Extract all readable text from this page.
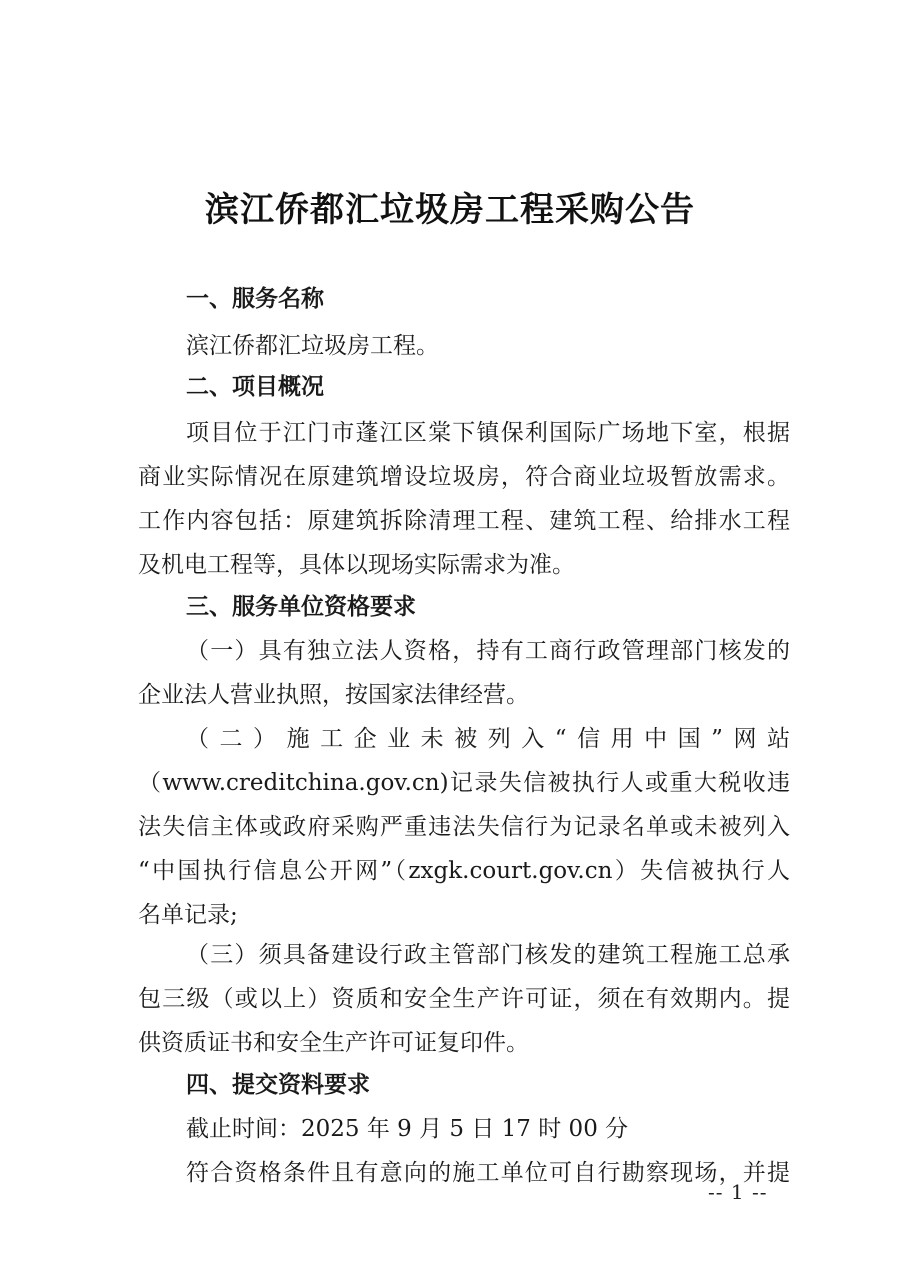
滨江侨都汇垃圾房工程采购公告
一、服务名称
滨江侨都汇垃圾房工程。
二、项目概况
项目位于江门市蓬江区棠下镇保利国际广场地下室，根据
商业实际情况在原建筑增设垃圾房，符合商业垃圾暂放需求。
工作内容包括：原建筑拆除清理工程、建筑工程、给排水工程
及机电工程等，具体以现场实际需求为准。
三、服务单位资格要求
（一）具有独立法人资格，持有工商行政管理部门核发的
企业法人营业执照，按国家法律经营。
（二）施工企业未被列入“信用中国”网站
（www.creditchina.gov.cn)记录失信被执行人或重大税收违
法失信主体或政府采购严重违法失信行为记录名单或未被列入
“中国执行信息公开网”（zxgk.court.gov.cn）失信被执行人
名单记录;
（三）须具备建设行政主管部门核发的建筑工程施工总承
包三级（或以上）资质和安全生产许可证，须在有效期内。提
供资质证书和安全生产许可证复印件。
四、提交资料要求
截止时间：2025 年 9 月 5 日 17 时 00 分
符合资格条件且有意向的施工单位可自行勘察现场，并提
-- 1 --
